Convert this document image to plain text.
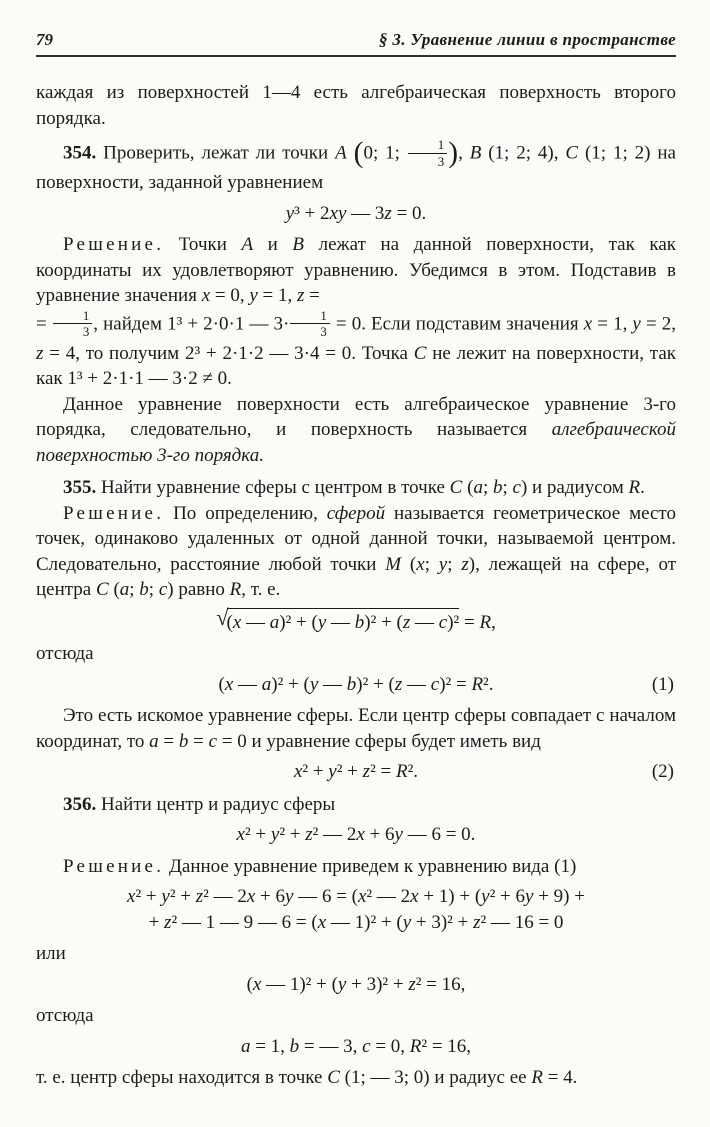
79	§ 3. Уравнение линии в пространстве
каждая из поверхностей 1—4 есть алгебраическая поверхность второго порядка.
354. Проверить, лежат ли точки A (0; 1; $\frac{1}{3}$ ), B (1; 2; 4), C (1; 1; 2) на поверхности, заданной уравнением
y³ + 2xy — 3z = 0.
Решение. Точки A и B лежат на данной поверхности, так как координаты их удовлетворяют уравнению. Убедимся в этом. Подставив в уравнение значения x = 0, y = 1, z =
= $\frac{1}{3}$ , найдем 1³ + 2·0·1 — $3\cdot \frac{1}{3} = 0$. Если подставим значения x = 1, y = 2, z = 4, то получим 2³ + 2·1·2 — 3·4 = 0. Точка C не лежит на поверхности, так как 1³ + 2·1·1 — 3·2 ≠ 0.
Данное уравнение поверхности есть алгебраическое уравнение 3-го порядка, следовательно, и поверхность называется алгебраической поверхностью 3-го порядка.
355. Найти уравнение сферы с центром в точке C (a; b; c) и радиусом R.
Решение. По определению, сферой называется геометрическое место точек, одинаково удаленных от одной данной точки, называемой центром. Следовательно, расстояние любой точки M (x; y; z), лежащей на сфере, от центра C (a; b; c) равно R, т. е.
√(x — a)² + (y — b)² + (z — c)² = R,
отсюда
(x — a)² + (y — b)² + (z — c)² = R².	(1)
Это есть искомое уравнение сферы. Если центр сферы совпадает с началом координат, то a = b = c = 0 и уравнение сферы будет иметь вид
x² + y² + z² = R².	(2)
356. Найти центр и радиус сферы
x² + y² + z² — 2x + 6y — 6 = 0.
Решение. Данное уравнение приведем к уравнению вида (1)
x² + y² + z² — 2x + 6y — 6 = (x² — 2x + 1) + (y² + 6y + 9) +
+ z² — 1 — 9 — 6 = (x — 1)² + (y + 3)² + z² — 16 = 0
или
(x — 1)² + (y + 3)² + z² = 16,
отсюда
a = 1, b = — 3, c = 0, R² = 16,
т. е. центр сферы находится в точке C (1; — 3; 0) и радиус ее R = 4.
